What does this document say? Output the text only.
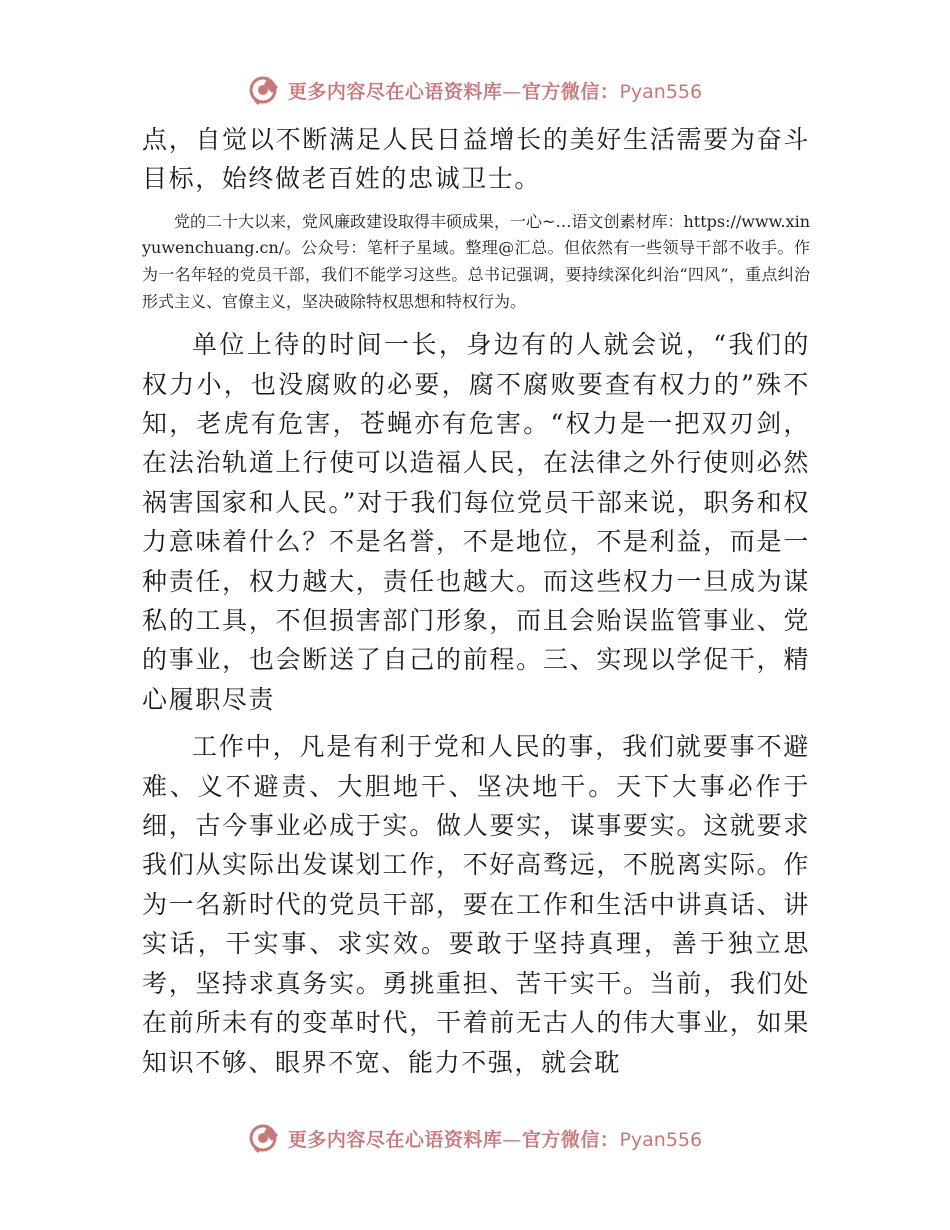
更多内容尽在心语资料库—官方微信：Pyan556

点，自觉以不断满足人民日益增长的美好生活需要为奋斗目标，始终做老百姓的忠诚卫士。

党的二十大以来，党风廉政建设取得丰硕成果，一心~…语文创素材库：https://www.xinyuwenchuang.cn/。公众号：笔杆子星域。整理@汇总。但依然有一些领导干部不收手。作为一名年轻的党员干部，我们不能学习这些。总书记强调，要持续深化纠治“四风”，重点纠治形式主义、官僚主义，坚决破除特权思想和特权行为。

单位上待的时间一长，身边有的人就会说，“我们的权力小，也没腐败的必要，腐不腐败要查有权力的”殊不知，老虎有危害，苍蝇亦有危害。“权力是一把双刃剑，在法治轨道上行使可以造福人民，在法律之外行使则必然祸害国家和人民。”对于我们每位党员干部来说，职务和权力意味着什么？不是名誉，不是地位，不是利益，而是一种责任，权力越大，责任也越大。而这些权力一旦成为谋私的工具，不但损害部门形象，而且会贻误监管事业、党的事业，也会断送了自己的前程。三、实现以学促干，精心履职尽责

工作中，凡是有利于党和人民的事，我们就要事不避难、义不避责、大胆地干、坚决地干。天下大事必作于细，古今事业必成于实。做人要实，谋事要实。这就要求我们从实际出发谋划工作，不好高骛远，不脱离实际。作为一名新时代的党员干部，要在工作和生活中讲真话、讲实话，干实事、求实效。要敢于坚持真理，善于独立思考，坚持求真务实。勇挑重担、苦干实干。当前，我们处在前所未有的变革时代，干着前无古人的伟大事业，如果知识不够、眼界不宽、能力不强，就会耽

更多内容尽在心语资料库—官方微信：Pyan556
